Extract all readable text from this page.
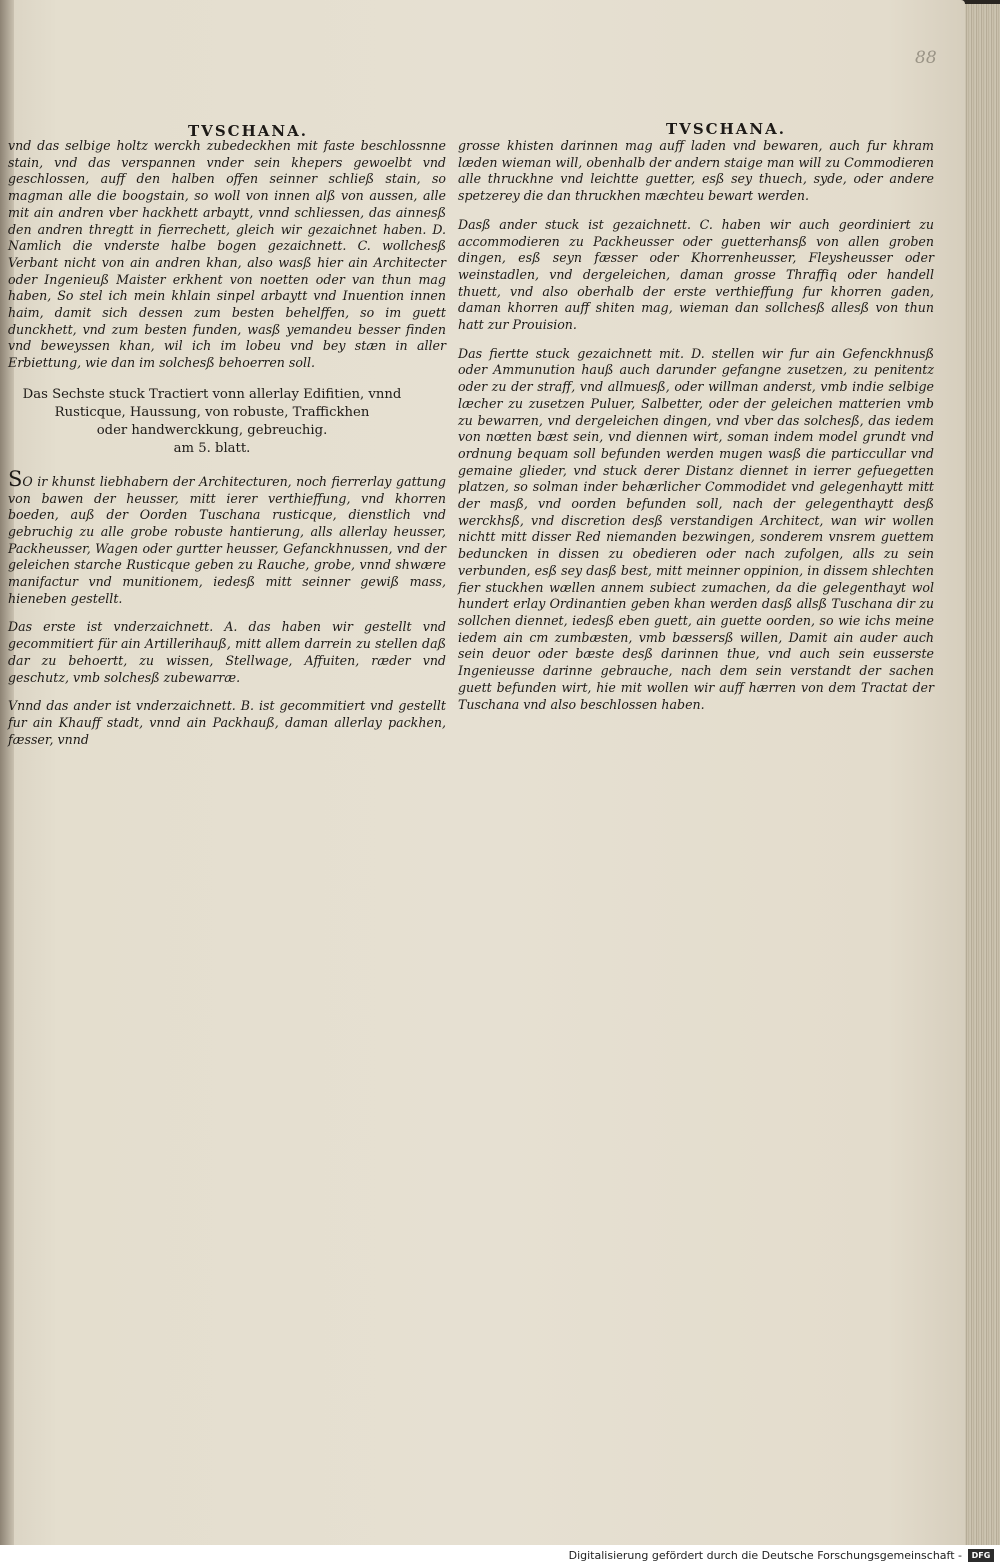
88
TVSCHANA.

vnd das selbige holtz werckh zubedeckhen mit faste beschlossnne stain, vnd das verspannen vnder sein khepers gewoelbt vnd geschlossen, auff den halben offen seinner schließ stain, so magman alle die boogstain, so woll von innen alß von aussen, alle mit ain andren vber hackhett arbaytt, vnnd schliessen, das ainnesß den andren thregtt in fierrechett, gleich wir gezaichnet haben. D. Namlich die vnderste halbe bogen gezaichnett. C. wollchesß Verbant nicht von ain andren khan, also wasß hier ain Architecter oder Ingenieuß Maister erkhent von noetten oder van thun mag haben, So stel ich mein khlain sinpel arbaytt vnd Inuention innen haim, damit sich dessen zum besten behelffen, so im guett dunckhett, vnd zum besten funden, wasß yemandeu besser finden vnd beweyssen khan, wil ich im lobeu vnd bey stæn in aller Erbiettung, wie dan im solchesß behoerren soll.

Das Sechste stuck Tractiert vonn allerlay Edifitien, vnnd
Rusticque, Haussung, von robuste, Traffickhen
oder handwerckkung, gebreuchig.
am 5. blatt.

SO ir khunst liebhabern der Architecturen, noch fierrerlay gattung von bawen der heusser, mitt ierer verthieffung, vnd khorren boeden, auß der Oorden Tuschana rusticque, dienstlich vnd gebruchig zu alle grobe robuste hantierung, alls allerlay heusser, Packheusser, Wagen oder gurtter heusser, Gefanckhnussen, vnd der geleichen starche Rusticque geben zu Rauche, grobe, vnnd shwære manifactur vnd munitionem, iedesß mitt seinner gewiß mass, hieneben gestellt.

Das erste ist vnderzaichnett. A. das haben wir gestellt vnd gecommitiert für ain Artillerihauß, mitt allem darrein zu stellen daß dar zu behoertt, zu wissen, Stellwage, Affuiten, ræder vnd geschutz, vmb solchesß zubewarræ.

Vnnd das ander ist vnderzaichnett. B. ist gecommitiert vnd gestellt fur ain Khauff stadt, vnnd ain Packhauß, daman allerlay packhen, fæsser, vnnd

TVSCHANA.

grosse khisten darinnen mag auff laden vnd bewaren, auch fur khram læden wieman will, obenhalb der andern staige man will zu Commodieren alle thruckhne vnd leichtte guetter, esß sey thuech, syde, oder andere spetzerey die dan thruckhen mæchteu bewart werden.

Dasß ander stuck ist gezaichnett. C. haben wir auch geordiniert zu accommodieren zu Packheusser oder guetterhansß von allen groben dingen, esß seyn fæsser oder Khorrenheusser, Fleysheusser oder weinstadlen, vnd dergeleichen, daman grosse Thraffiq oder handell thuett, vnd also oberhalb der erste verthieffung fur khorren gaden, daman khorren auff shiten mag, wieman dan sollchesß allesß von thun hatt zur Prouision.

Das fiertte stuck gezaichnett mit. D. stellen wir fur ain Gefenckhnusß oder Ammunution hauß auch darunder gefangne zusetzen, zu penitentz oder zu der straff, vnd allmuesß, oder willman anderst, vmb indie selbige læcher zu zusetzen Puluer, Salbetter, oder der geleichen matterien vmb zu bewarren, vnd dergeleichen dingen, vnd vber das solchesß, das iedem von nœtten bæst sein, vnd diennen wirt, soman indem model grundt vnd ordnung bequam soll befunden werden mugen wasß die particcullar vnd gemaine glieder, vnd stuck derer Distanz diennet in ierrer gefuegetten platzen, so solman inder behærlicher Commodidet vnd gelegenhaytt mitt der masß, vnd oorden befunden soll, nach der gelegenthaytt desß werckhsß, vnd discretion desß verstandigen Architect, wan wir wollen nichtt mitt disser Red niemanden bezwingen, sonderem vnsrem guettem beduncken in dissen zu obedieren oder nach zufolgen, alls zu sein verbunden, esß sey dasß best, mitt meinner oppinion, in dissem shlechten fier stuckhen wællen annem subiect zumachen, da die gelegenthayt wol hundert erlay Ordinantien geben khan werden dasß allsß Tuschana dir zu sollchen diennet, iedesß eben guett, ain guette oorden, so wie ichs meine iedem ain cm zumbæsten, vmb bæssersß willen, Damit ain auder auch sein deuor oder bæste desß darinnen thue, vnd auch sein eusserste Ingenieusse darinne gebrauche, nach dem sein verstandt der sachen guett befunden wirt, hie mit wollen wir auff hærren von dem Tractat der Tuschana vnd also beschlossen haben.

Digitalisierung gefördert durch die Deutsche Forschungsgemeinschaft -	DFG
